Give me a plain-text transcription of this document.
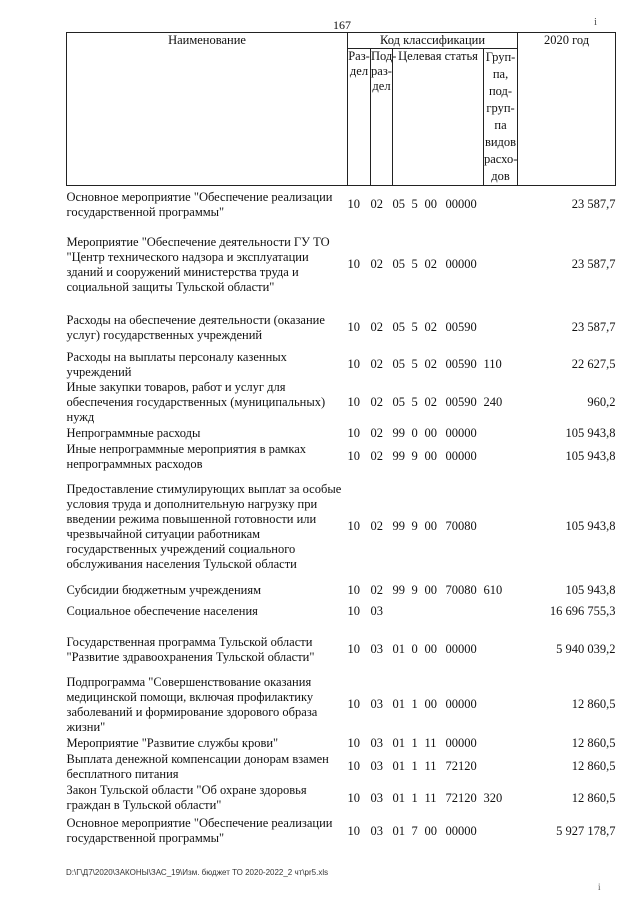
167	i
Наименование	Код классификации							2020 год
	Раз-дел	Под-раз-дел	Целевая статья				Груп-па, под-груп-па видов расхо-дов	
Основное мероприятие "Обеспечение реализации государственной программы"	10	02	05	5	00	00000		23 587,7
Мероприятие "Обеспечение деятельности ГУ ТО "Центр технического надзора и эксплуатации зданий и сооружений министерства труда и социальной защиты Тульской области"	10	02	05	5	02	00000		23 587,7
Расходы на обеспечение деятельности (оказание услуг) государственных учреждений	10	02	05	5	02	00590		23 587,7
Расходы на выплаты персоналу казенных учреждений	10	02	05	5	02	00590	110	22 627,5
Иные закупки товаров, работ и услуг для обеспечения государственных (муниципальных) нужд	10	02	05	5	02	00590	240	960,2
Непрограммные расходы	10	02	99	0	00	00000		105 943,8
Иные непрограммные мероприятия в рамках непрограммных расходов	10	02	99	9	00	00000		105 943,8
Предоставление стимулирующих выплат за особые условия труда и дополнительную нагрузку при введении режима повышенной готовности или чрезвычайной ситуации работникам государственных учреждений социального обслуживания населения Тульской области	10	02	99	9	00	70080		105 943,8
Субсидии бюджетным учреждениям	10	02	99	9	00	70080	610	105 943,8
Социальное обеспечение населения	10	03						16 696 755,3
Государственная программа Тульской области "Развитие здравоохранения Тульской области"	10	03	01	0	00	00000		5 940 039,2
Подпрограмма "Совершенствование оказания медицинской помощи, включая профилактику заболеваний и формирование здорового образа жизни"	10	03	01	1	00	00000		12 860,5
Мероприятие "Развитие службы крови"	10	03	01	1	11	00000		12 860,5
Выплата денежной компенсации донорам взамен бесплатного питания	10	03	01	1	11	72120		12 860,5
Закон Тульской области "Об охране здоровья граждан в Тульской области"	10	03	01	1	11	72120	320	12 860,5
Основное мероприятие "Обеспечение реализации государственной программы"	10	03	01	7	00	00000		5 927 178,7
D:\Г\Д7\2020\ЗАКОНЫ\ЗАС_19\Изм. бюджет ТО 2020-2022_2 чт\pr5.xls
i
